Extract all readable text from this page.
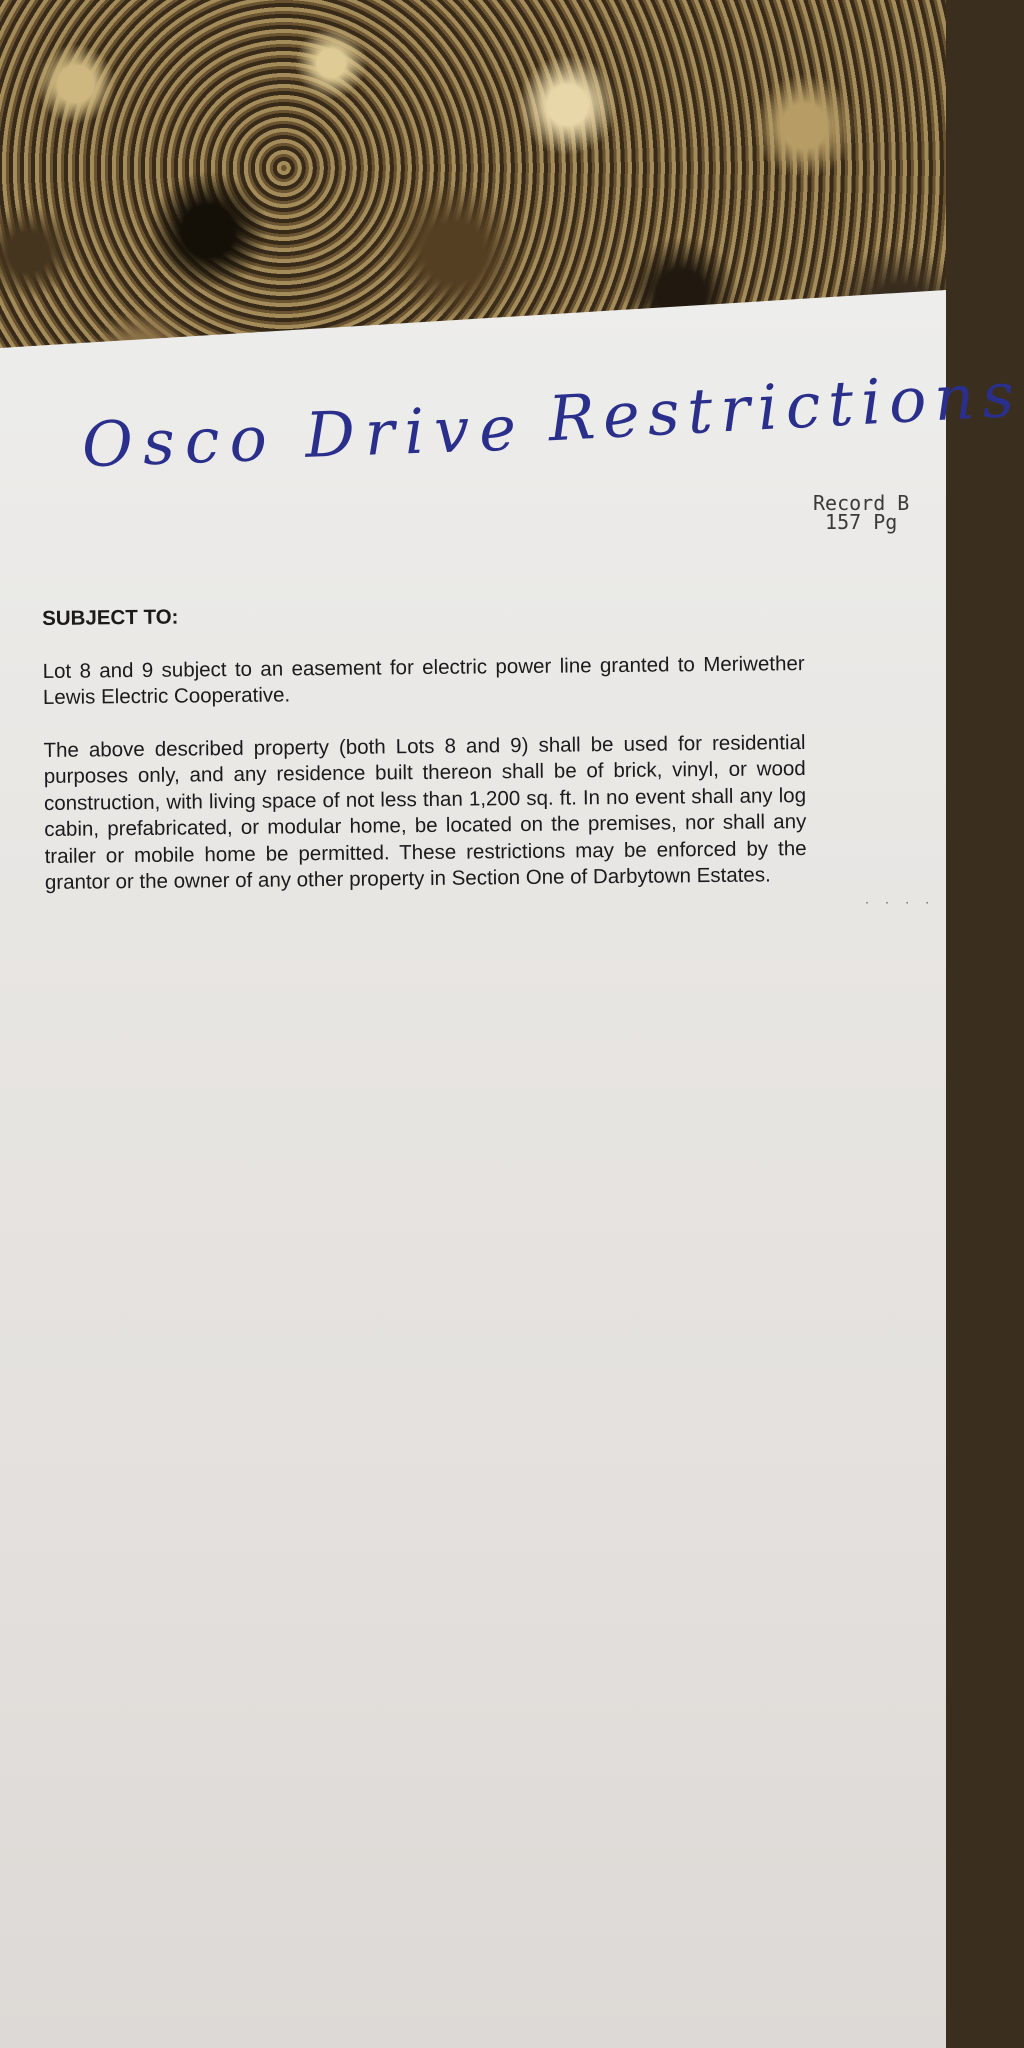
Osco Drive Restrictions
Record B
157 Pg

SUBJECT TO:

Lot 8 and 9 subject to an easement for electric power line granted to Meriwether Lewis Electric Cooperative.

The above described property (both Lots 8 and 9) shall be used for residential purposes only, and any residence built thereon shall be of brick, vinyl, or wood construction, with living space of not less than 1,200 sq. ft. In no event shall any log cabin, prefabricated, or modular home, be located on the premises, nor shall any trailer or mobile home be permitted. These restrictions may be enforced by the grantor or the owner of any other property in Section One of Darbytown Estates.

· · · ·
